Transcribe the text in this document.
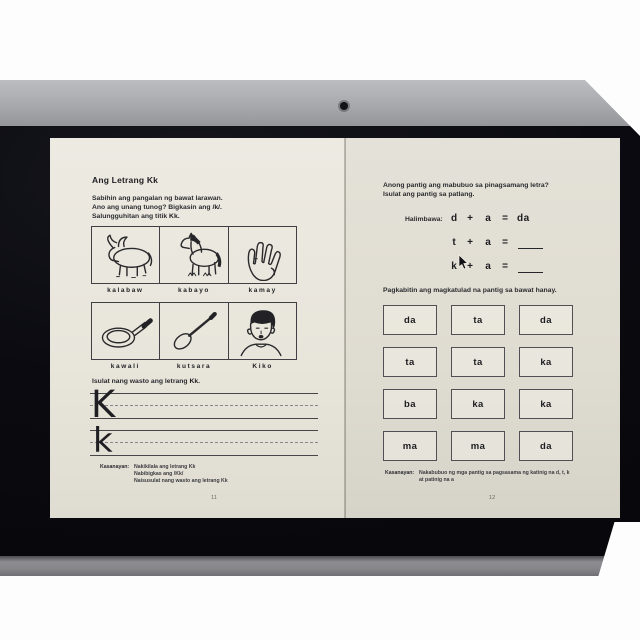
Ang Letrang Kk
Sabihin ang pangalan ng bawat larawan.
Ano ang unang tunog? Bigkasin ang /k/.
Salungguhitan ang titik Kk.
kalabaw	kabayo	kamay
kawali	kutsara	Kiko
Isulat nang wasto ang letrang Kk.
K
k
Kasanayan: Nakikilala ang letrang Kk
Nabibigkas ang /Kk/
Naisusulat nang wasto ang letrang Kk
11
Anong pantig ang mabubuo sa pinagsamang letra?
Isulat ang pantig sa patlang.
Halimbawa: d	+	a	= da
t	+	a	=
k	+	a	=
Pagkabitin ang magkatulad na pantig sa bawat hanay.
da	ta	da
ta	ta	ka
ba	ka	ka
ma	ma	da
Kasanayan: Nakabubuo ng mga pantig sa pagsasama ng katinig na d, t, k
at patinig na a
12
